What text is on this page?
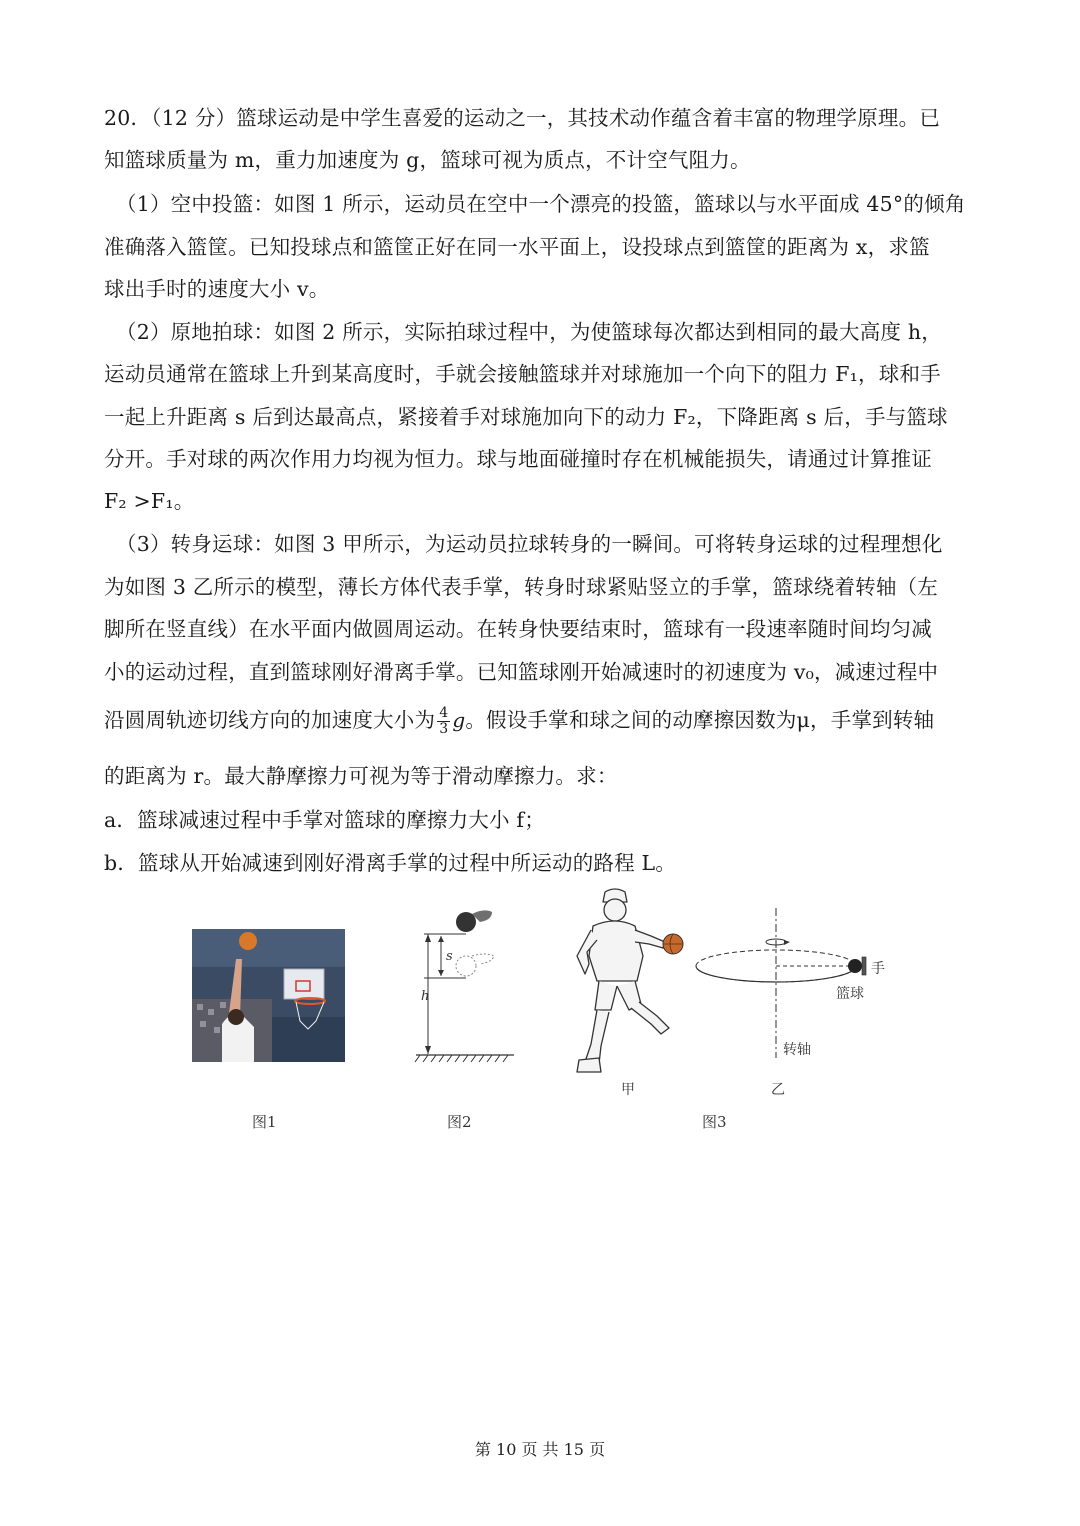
20．（12 分）篮球运动是中学生喜爱的运动之一，其技术动作蕴含着丰富的物理学原理。已
知篮球质量为 m，重力加速度为 g，篮球可视为质点，不计空气阻力。
（1）空中投篮：如图 1 所示，运动员在空中一个漂亮的投篮，篮球以与水平面成 45°的倾角
准确落入篮筐。已知投球点和篮筐正好在同一水平面上，设投球点到篮筐的距离为 x，求篮
球出手时的速度大小 v。
（2）原地拍球：如图 2 所示，实际拍球过程中，为使篮球每次都达到相同的最大高度 h，
运动员通常在篮球上升到某高度时，手就会接触篮球并对球施加一个向下的阻力 F₁，球和手
一起上升距离 s 后到达最高点，紧接着手对球施加向下的动力 F₂，下降距离 s 后，手与篮球
分开。手对球的两次作用力均视为恒力。球与地面碰撞时存在机械能损失，请通过计算推证
F₂ >F₁。
（3）转身运球：如图 3 甲所示，为运动员拉球转身的一瞬间。可将转身运球的过程理想化
为如图 3 乙所示的模型，薄长方体代表手掌，转身时球紧贴竖立的手掌，篮球绕着转轴（左
脚所在竖直线）在水平面内做圆周运动。在转身快要结束时，篮球有一段速率随时间均匀减
小的运动过程，直到篮球刚好滑离手掌。已知篮球刚开始减速时的初速度为 v₀，减速过程中
沿圆周轨迹切线方向的加速度大小为 $\frac{4}{3}$ g。假设手掌和球之间的动摩擦因数为μ，手掌到转轴
的距离为 r。最大静摩擦力可视为等于滑动摩擦力。求：
a．篮球减速过程中手掌对篮球的摩擦力大小 f；
b．篮球从开始减速到刚好滑离手掌的过程中所运动的路程 L。
图1
s
h
图2
甲
手
篮球
转轴
乙
图3
第 10 页 共 15 页
